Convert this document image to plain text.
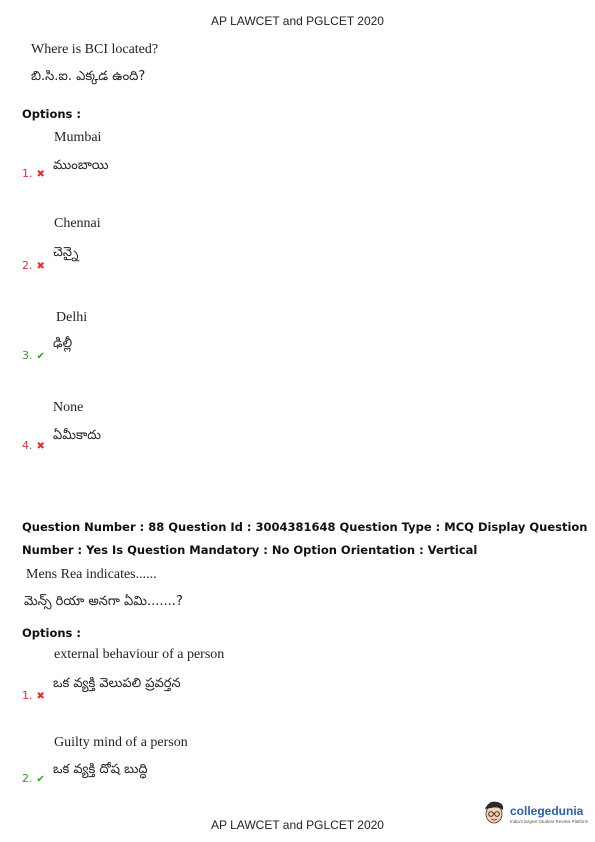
AP LAWCET and PGLCET 2020
Where is BCI located?
బి.సి.ఐ. ఎక్కడ ఉంది?
Options :
Mumbai
ముంబాయి
1. ✖
Chennai
చెన్నై
2. ✖
Delhi
ఢిల్లీ
3. ✔
None
ఏమీకాదు
4. ✖
Question Number : 88 Question Id : 3004381648 Question Type : MCQ Display Question
Number : Yes Is Question Mandatory : No Option Orientation : Vertical
Mens Rea indicates......
మెన్స్ రియా అనగా ఏమి.......?
Options :
external behaviour of a person
ఒక వ్యక్తి వెలుపలి ప్రవర్తన
1. ✖
Guilty mind of a person
ఒక వ్యక్తి దోష బుద్ధి
2. ✔
AP LAWCET and PGLCET 2020
collegedunia
India's largest Student Review Platform
